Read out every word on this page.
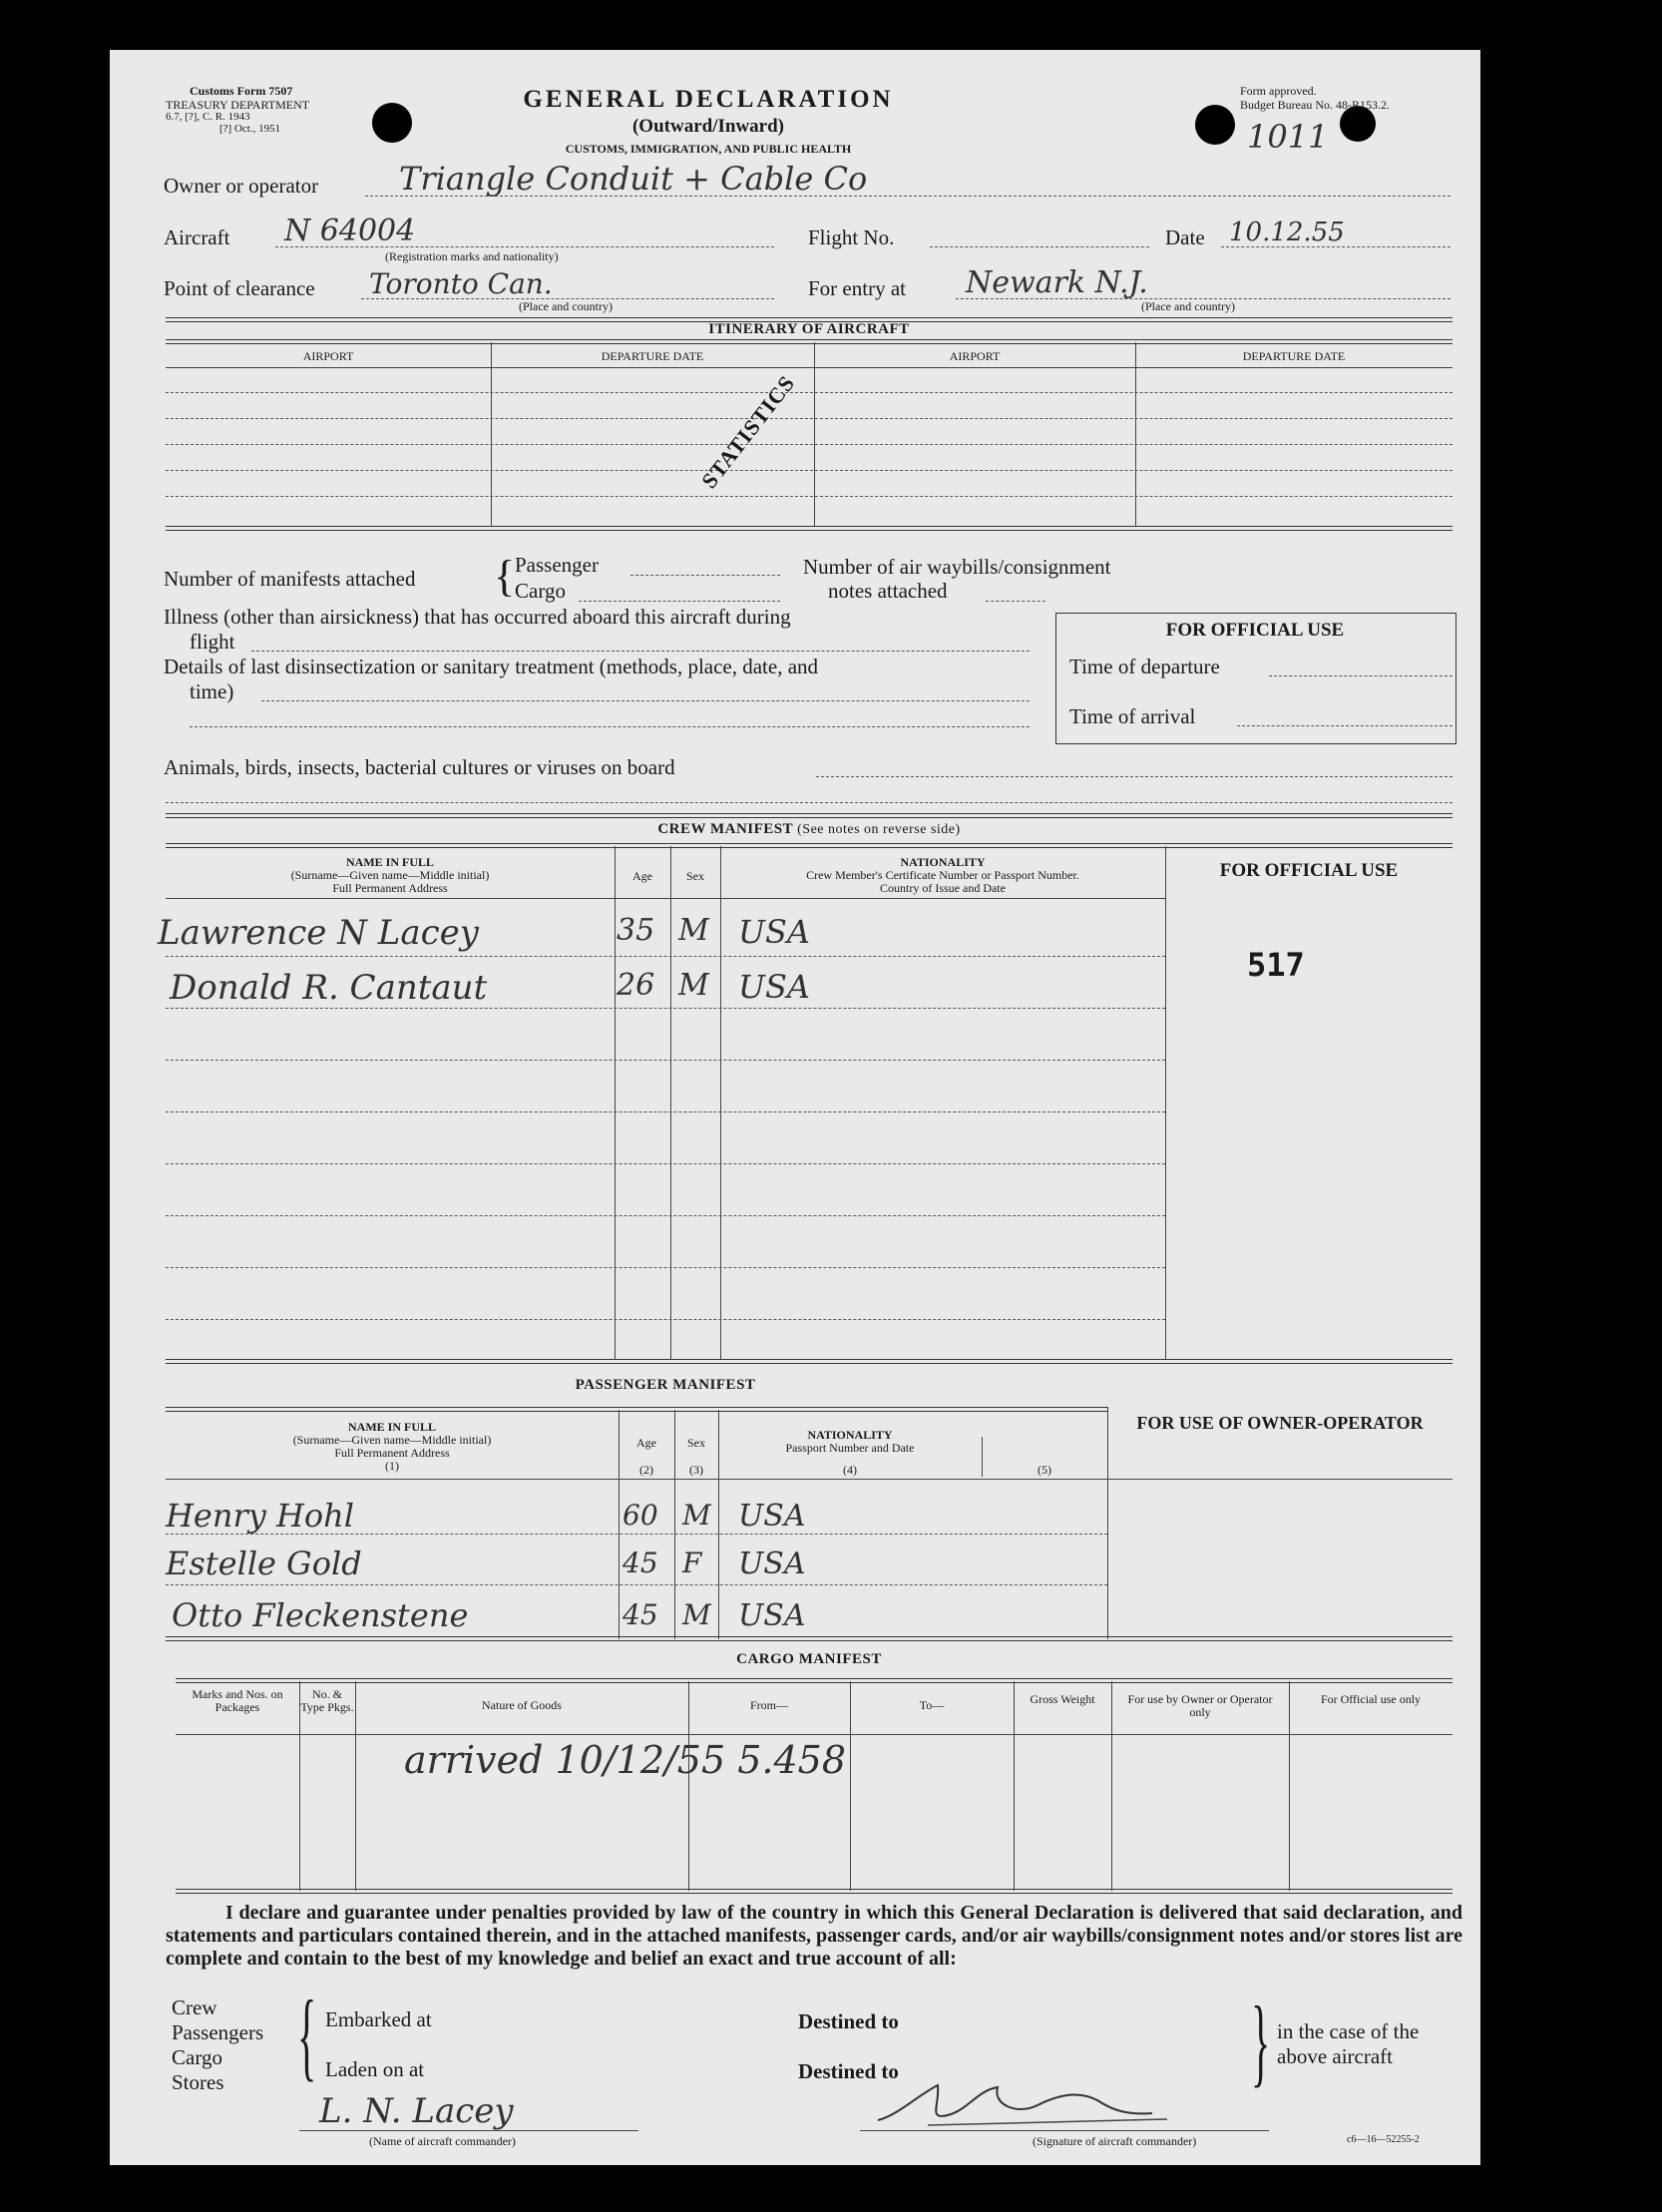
Customs Form 7507
TREASURY DEPARTMENT
6.7, [?], C. R. 1943
[?] Oct., 1951
GENERAL DECLARATION
(Outward/Inward)
CUSTOMS, IMMIGRATION, AND PUBLIC HEALTH
Form approved.
Budget Bureau No. 48-R153.2.
1011
Owner or operator	Triangle Conduit + Cable Co
Aircraft N 64004
(Registration marks and nationality)
Flight No.	Date 10.12.55
Point of clearance Toronto Can.
(Place and country)
For entry at Newark N.J.
(Place and country)
ITINERARY OF AIRCRAFT
AIRPORT	DEPARTURE DATE	AIRPORT	DEPARTURE DATE
STATISTICS
Number of manifests attached { Passenger
Cargo
Number of air waybills/consignment
notes attached
Illness (other than airsickness) that has occurred aboard this aircraft during
flight
Details of last disinsectization or sanitary treatment (methods, place, date, and
time)
Animals, birds, insects, bacterial cultures or viruses on board
FOR OFFICIAL USE
Time of departure
Time of arrival
CREW MANIFEST (See notes on reverse side)
NAME IN FULL
(Surname—Given name—Middle initial)
Full Permanent Address
Age	Sex
NATIONALITY
Crew Member's Certificate Number or Passport Number.
Country of Issue and Date
FOR OFFICIAL USE
Lawrence N Lacey	35 M USA
Donald R. Cantaut	26 M USA
517
PASSENGER MANIFEST
NAME IN FULL
(Surname—Given name—Middle initial)
Full Permanent Address
(1)
Age
(2)
Sex
(3)
NATIONALITY
Passport Number and Date
(4)	(5)
FOR USE OF OWNER-OPERATOR
Henry Hohl	60 M USA
Estelle Gold	45 F USA
Otto Fleckenstene	45 M USA
CARGO MANIFEST
Marks and Nos. on Packages
No. & Type Pkgs.	Nature of Goods	From—	To—	Gross Weight	For use by Owner or Operator only
For Official use only
arrived 10/12/55 5.458
I declare and guarantee under penalties provided by law of the country in which this General Declaration is delivered that said declaration, and statements and particulars contained therein, and in the attached manifests, passenger cards, and/or air waybills/consignment notes and/or stores list are complete and contain to the best of my knowledge and belief an exact and true account of all:
Crew
Passengers
Cargo
Stores { Embarked at
Laden on at
Destined to
Destined to	} in the case of the
above aircraft
L. N. Lacey
(Name of aircraft commander)	(Signature of aircraft commander)	c6—16—52255-2
